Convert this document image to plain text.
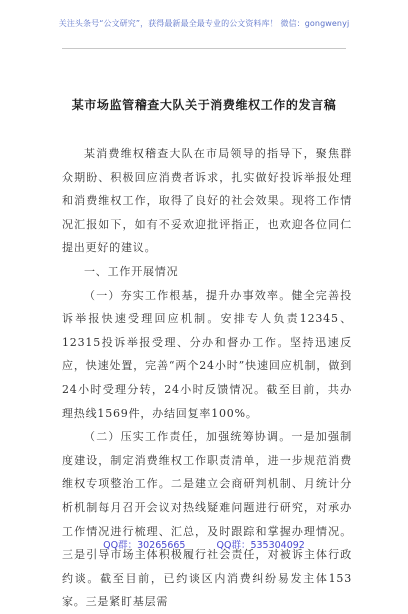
关注头条号“公文研究”，获得最新最全最专业的公文资料库！ 微信：gongwenyj
某市场监管稽查大队关于消费维权工作的发言稿

某消费维权稽查大队在市局领导的指导下，聚焦群众期盼、积极回应消费者诉求，扎实做好投诉举报处理和消费维权工作，取得了良好的社会效果。现将工作情况汇报如下，如有不妥欢迎批评指正，也欢迎各位同仁提出更好的建议。

一、工作开展情况

（一）夯实工作根基，提升办事效率。健全完善投诉举报快速受理回应机制。安排专人负责12345、12315投诉举报受理、分办和督办工作。坚持迅速反应，快速处置，完善“两个24小时”快速回应机制，做到24小时受理分转，24小时反馈情况。截至目前，共办理热线1569件，办结回复率100%。

（二）压实工作责任，加强统筹协调。一是加强制度建设，制定消费维权工作职责清单，进一步规范消费维权专项整治工作。二是建立会商研判机制、月统计分析机制每月召开会议对热线疑难问题进行研究，对承办工作情况进行梳理、汇总，及时跟踪和掌握办理情况。三是引导市场主体积极履行社会责任，对被诉主体行政约谈。截至目前，已约谈区内消费纠纷易发主体153家。三是紧盯基层需

QQ群：30265665	QQ群：535304092
